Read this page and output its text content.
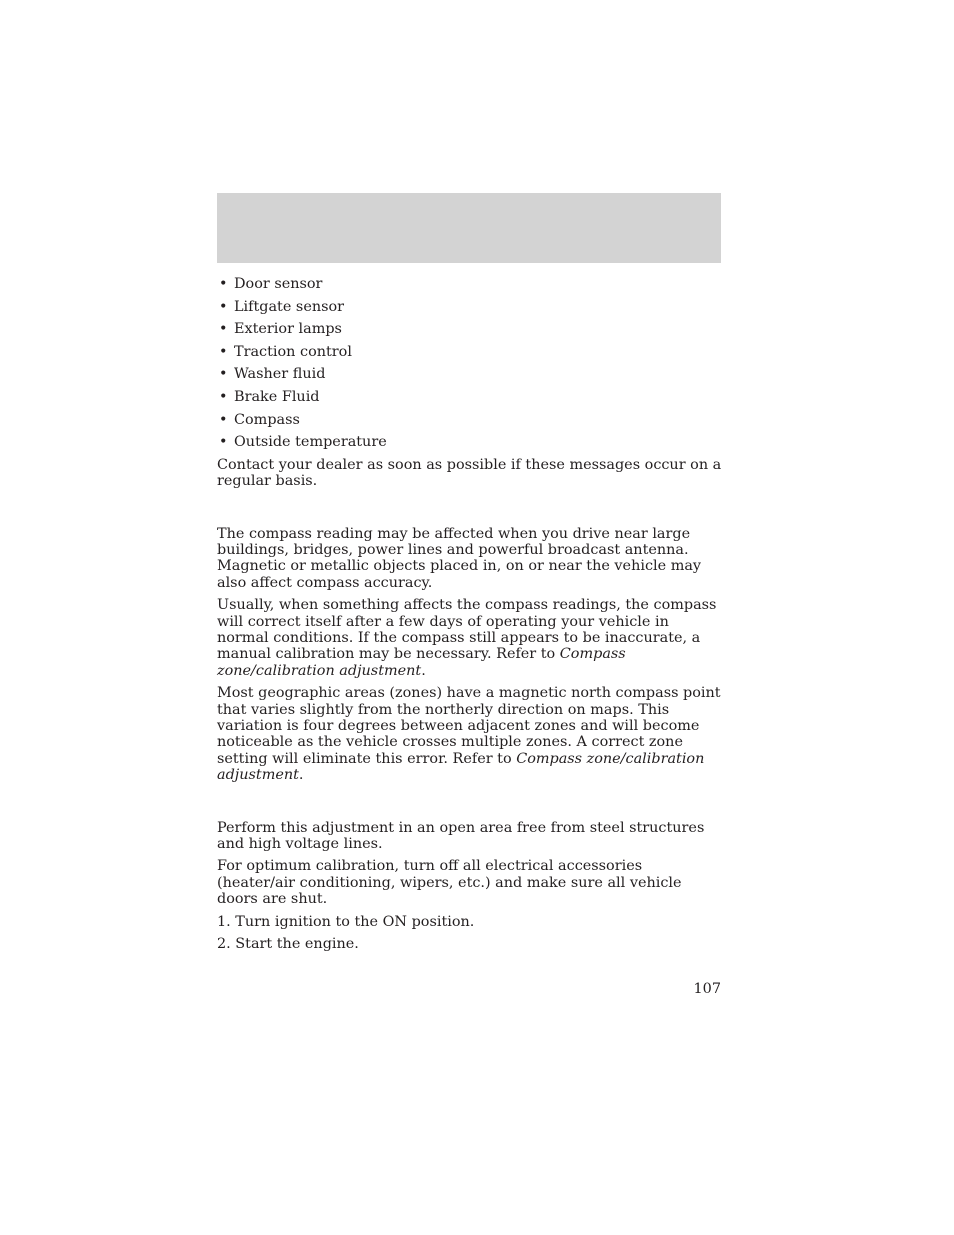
• Door sensor
• Liftgate sensor
• Exterior lamps
• Traction control
• Washer fluid
• Brake Fluid
• Compass
• Outside temperature

Contact your dealer as soon as possible if these messages occur on a regular basis.

The compass reading may be affected when you drive near large buildings, bridges, power lines and powerful broadcast antenna. Magnetic or metallic objects placed in, on or near the vehicle may also affect compass accuracy.

Usually, when something affects the compass readings, the compass will correct itself after a few days of operating your vehicle in normal conditions. If the compass still appears to be inaccurate, a manual calibration may be necessary. Refer to Compass zone/calibration adjustment.

Most geographic areas (zones) have a magnetic north compass point that varies slightly from the northerly direction on maps. This variation is four degrees between adjacent zones and will become noticeable as the vehicle crosses multiple zones. A correct zone setting will eliminate this error. Refer to Compass zone/calibration adjustment.

Perform this adjustment in an open area free from steel structures and high voltage lines.

For optimum calibration, turn off all electrical accessories (heater/air conditioning, wipers, etc.) and make sure all vehicle doors are shut.

1. Turn ignition to the ON position.

2. Start the engine.

107
